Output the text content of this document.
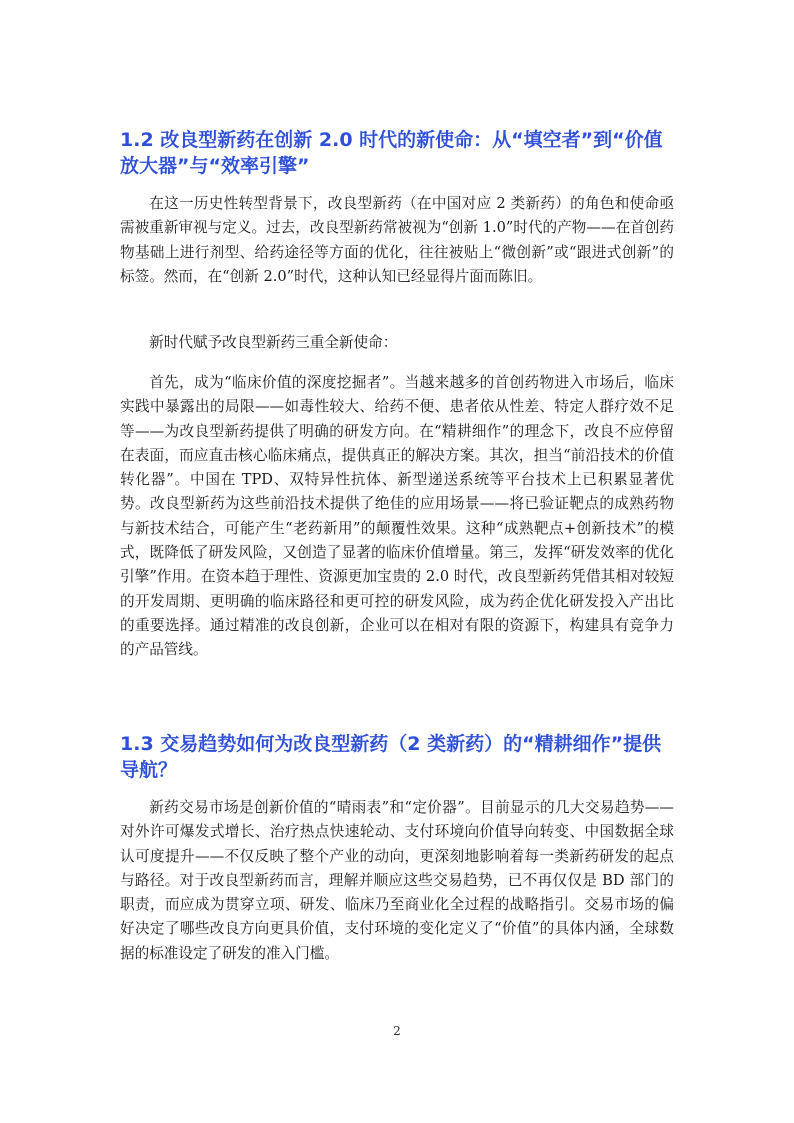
1.2 改良型新药在创新 2.0 时代的新使命：从“填空者”到“价值放大器”与“效率引擎”

在这一历史性转型背景下，改良型新药（在中国对应 2 类新药）的角色和使命亟需被重新审视与定义。过去，改良型新药常被视为“创新 1.0”时代的产物——在首创药物基础上进行剂型、给药途径等方面的优化，往往被贴上“微创新”或“跟进式创新”的标签。然而，在“创新 2.0”时代，这种认知已经显得片面而陈旧。

新时代赋予改良型新药三重全新使命：

首先，成为“临床价值的深度挖掘者”。当越来越多的首创药物进入市场后，临床实践中暴露出的局限——如毒性较大、给药不便、患者依从性差、特定人群疗效不足等——为改良型新药提供了明确的研发方向。在“精耕细作”的理念下，改良不应停留在表面，而应直击核心临床痛点，提供真正的解决方案。其次，担当“前沿技术的价值转化器”。中国在 TPD、双特异性抗体、新型递送系统等平台技术上已积累显著优势。改良型新药为这些前沿技术提供了绝佳的应用场景——将已验证靶点的成熟药物与新技术结合，可能产生“老药新用”的颠覆性效果。这种“成熟靶点+创新技术”的模式，既降低了研发风险，又创造了显著的临床价值增量。第三，发挥“研发效率的优化引擎”作用。在资本趋于理性、资源更加宝贵的 2.0 时代，改良型新药凭借其相对较短的开发周期、更明确的临床路径和更可控的研发风险，成为药企优化研发投入产出比的重要选择。通过精准的改良创新，企业可以在相对有限的资源下，构建具有竞争力的产品管线。

1.3 交易趋势如何为改良型新药（2 类新药）的“精耕细作”提供导航？

新药交易市场是创新价值的“晴雨表”和“定价器”。目前显示的几大交易趋势——对外许可爆发式增长、治疗热点快速轮动、支付环境向价值导向转变、中国数据全球认可度提升——不仅反映了整个产业的动向，更深刻地影响着每一类新药研发的起点与路径。对于改良型新药而言，理解并顺应这些交易趋势，已不再仅仅是 BD 部门的职责，而应成为贯穿立项、研发、临床乃至商业化全过程的战略指引。交易市场的偏好决定了哪些改良方向更具价值，支付环境的变化定义了“价值”的具体内涵，全球数据的标准设定了研发的准入门槛。

2
